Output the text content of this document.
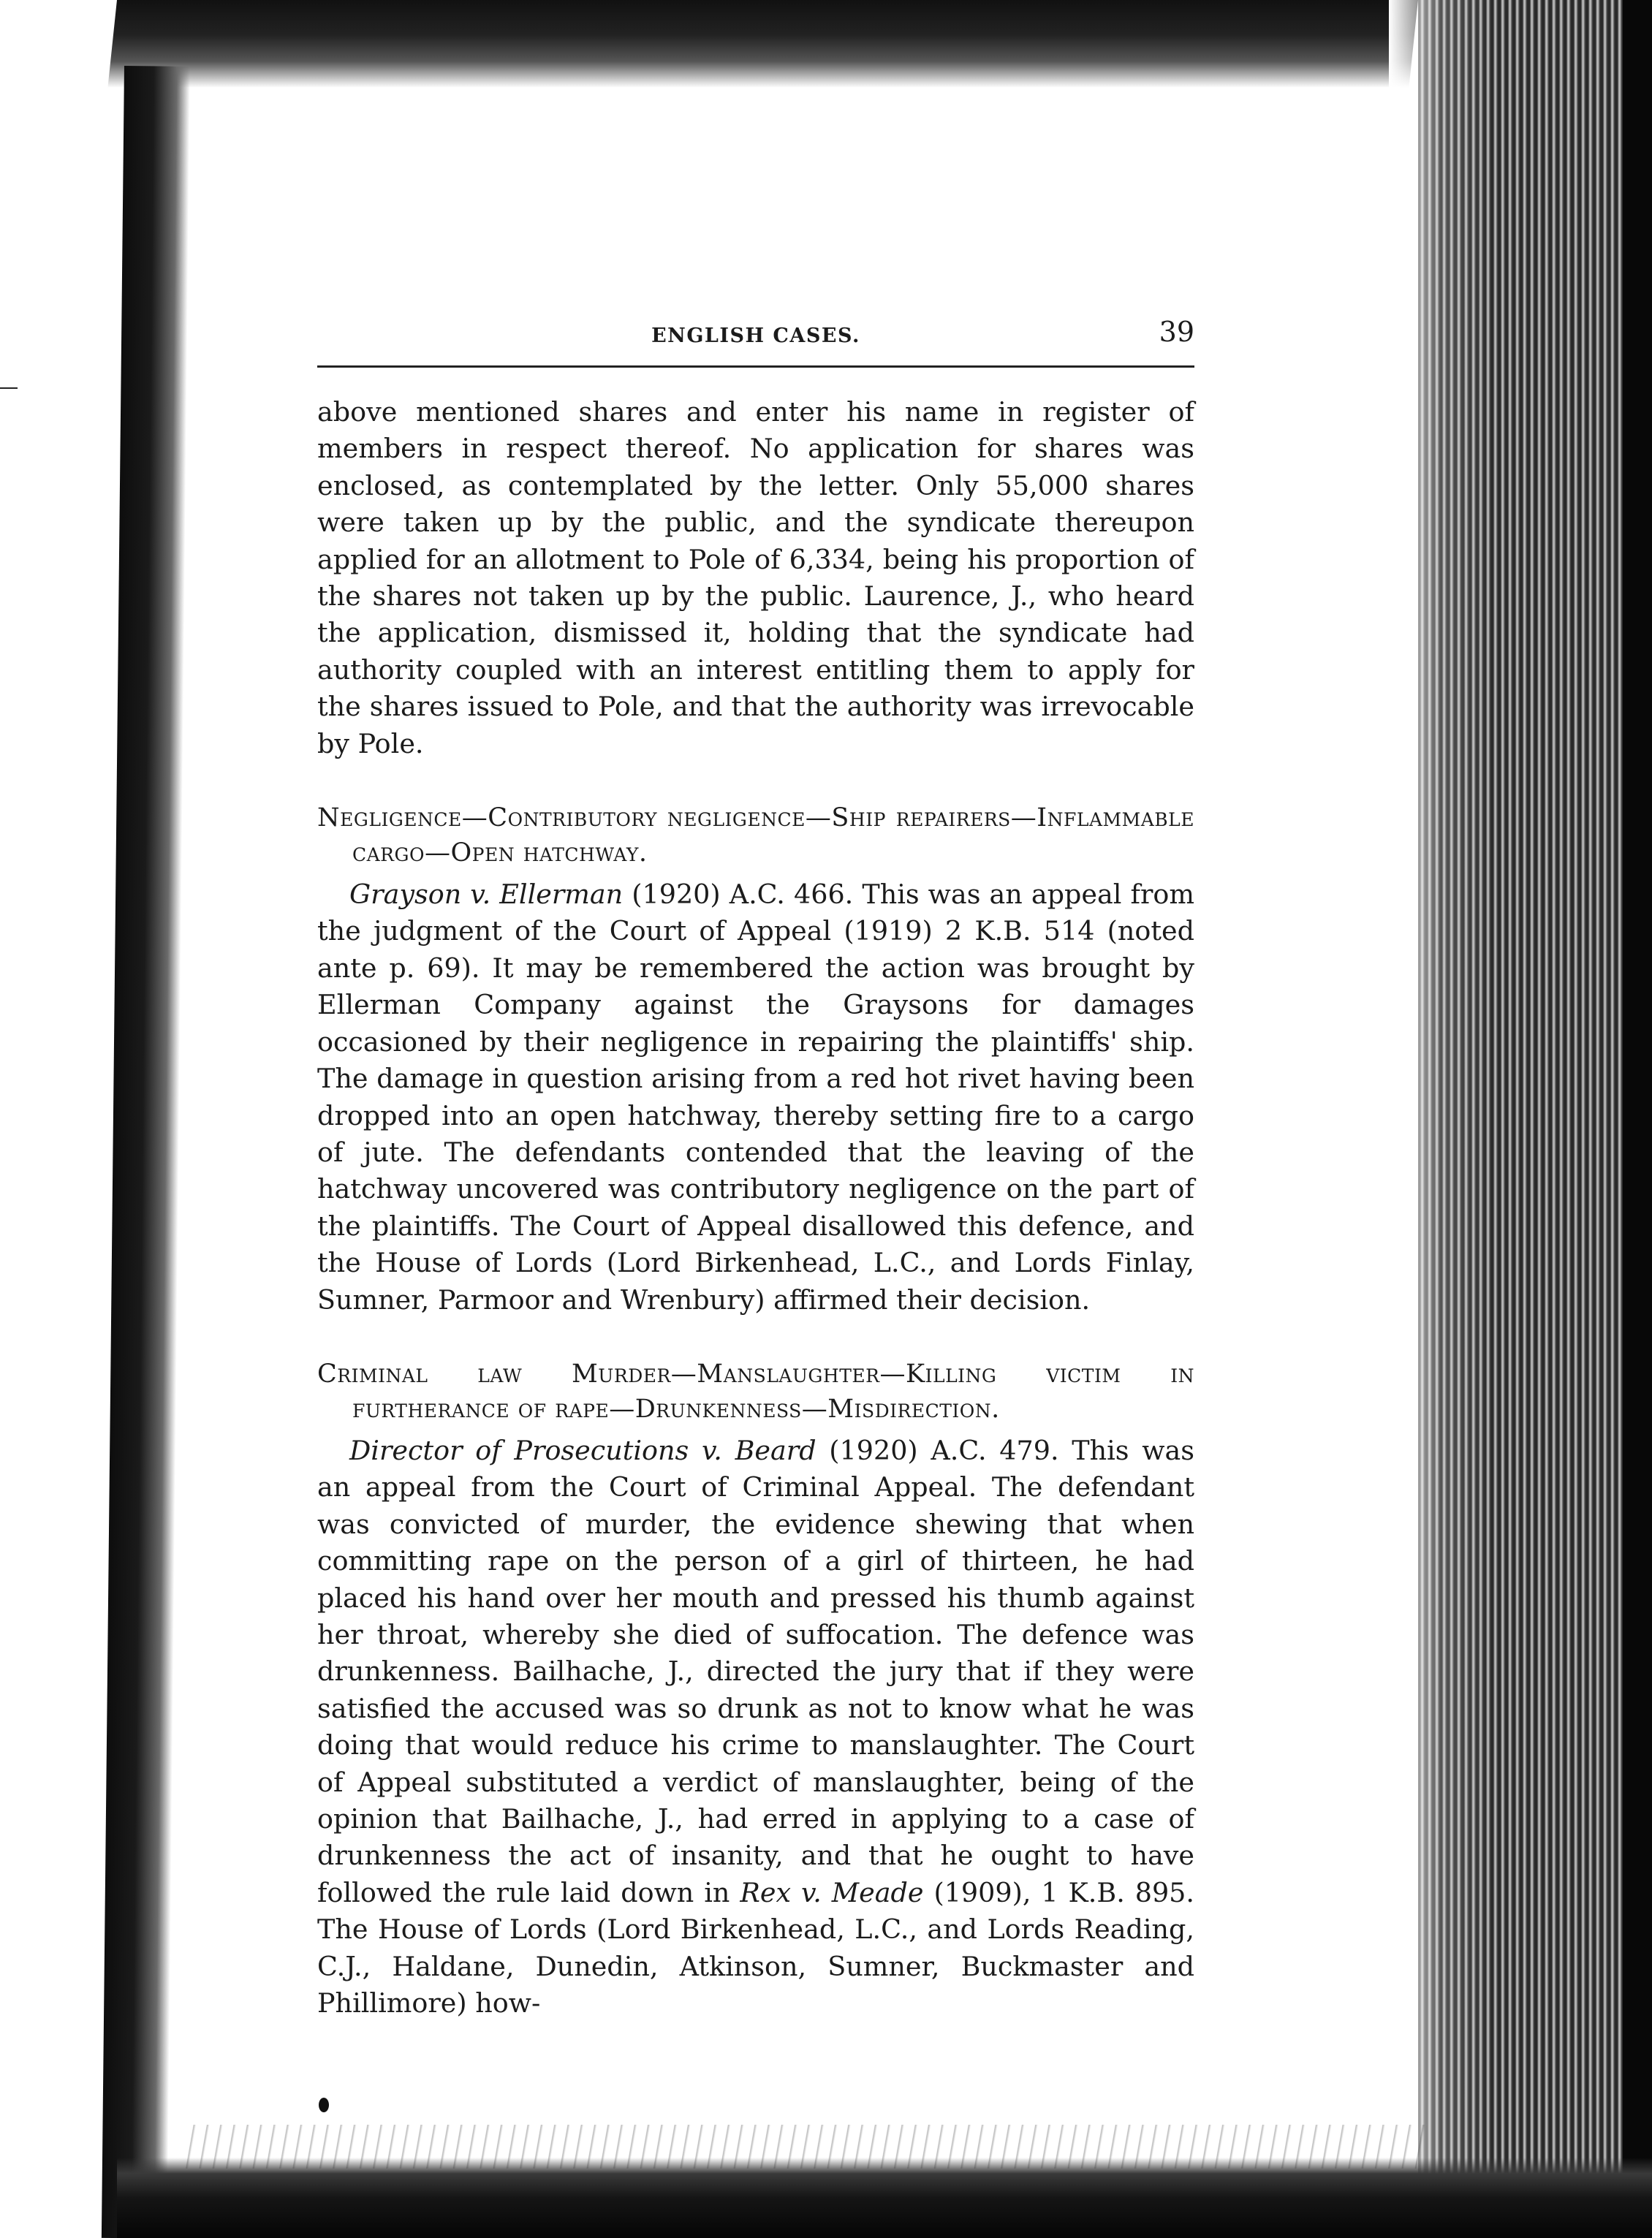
ENGLISH CASES.	39

above mentioned shares and enter his name in register of members in respect thereof. No application for shares was enclosed, as contemplated by the letter. Only 55,000 shares were taken up by the public, and the syndicate thereupon applied for an allotment to Pole of 6,334, being his proportion of the shares not taken up by the public. Laurence, J., who heard the application, dismissed it, holding that the syndicate had authority coupled with an interest entitling them to apply for the shares issued to Pole, and that the authority was irrevocable by Pole.

Negligence—Contributory negligence—Ship repairers—Inflammable cargo—Open hatchway.

Grayson v. Ellerman (1920) A.C. 466. This was an appeal from the judgment of the Court of Appeal (1919) 2 K.B. 514 (noted ante p. 69). It may be remembered the action was brought by Ellerman Company against the Graysons for damages occasioned by their negligence in repairing the plaintiffs' ship. The damage in question arising from a red hot rivet having been dropped into an open hatchway, thereby setting fire to a cargo of jute. The defendants contended that the leaving of the hatchway uncovered was contributory negligence on the part of the plaintiffs. The Court of Appeal disallowed this defence, and the House of Lords (Lord Birkenhead, L.C., and Lords Finlay, Sumner, Parmoor and Wrenbury) affirmed their decision.

Criminal law Murder—Manslaughter—Killing victim in furtherance of rape—Drunkenness—Misdirection.

Director of Prosecutions v. Beard (1920) A.C. 479. This was an appeal from the Court of Criminal Appeal. The defendant was convicted of murder, the evidence shewing that when committing rape on the person of a girl of thirteen, he had placed his hand over her mouth and pressed his thumb against her throat, whereby she died of suffocation. The defence was drunkenness. Bailhache, J., directed the jury that if they were satisfied the accused was so drunk as not to know what he was doing that would reduce his crime to manslaughter. The Court of Appeal substituted a verdict of manslaughter, being of the opinion that Bailhache, J., had erred in applying to a case of drunkenness the act of insanity, and that he ought to have followed the rule laid down in Rex v. Meade (1909), 1 K.B. 895. The House of Lords (Lord Birkenhead, L.C., and Lords Reading, C.J., Haldane, Dunedin, Atkinson, Sumner, Buckmaster and Phillimore) how-
